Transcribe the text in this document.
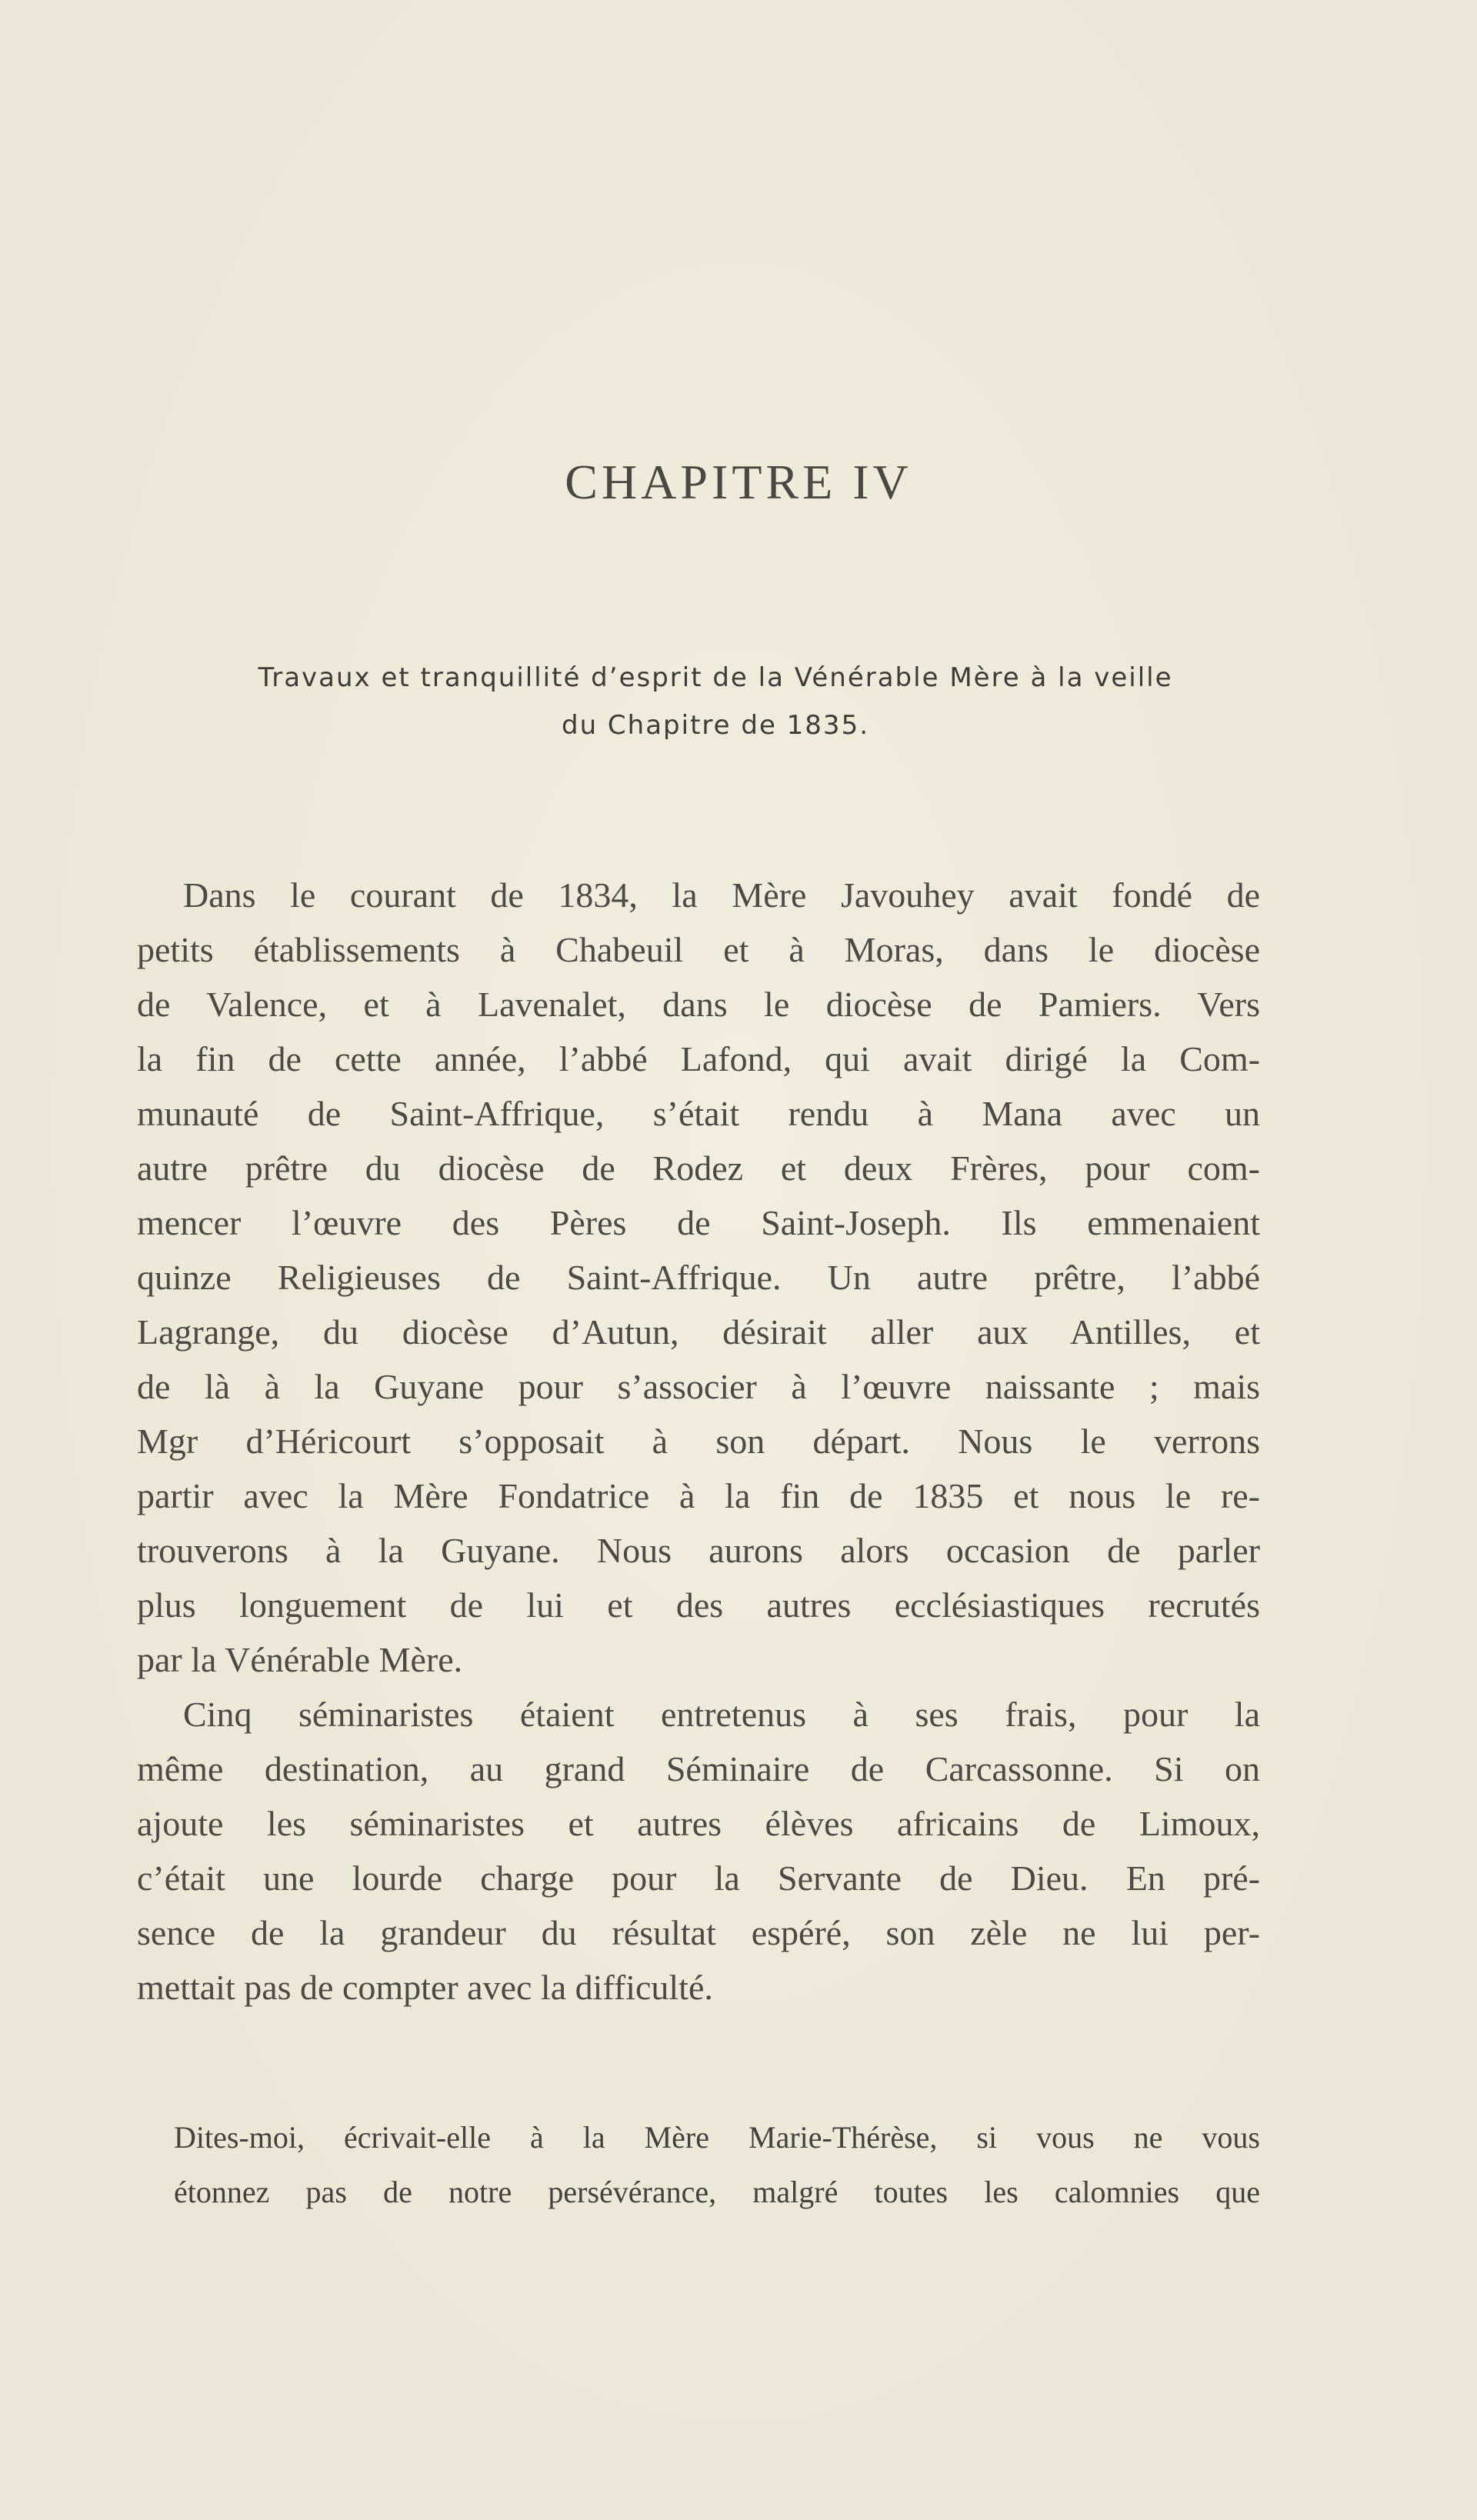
CHAPITRE IV
Travaux et tranquillité d’esprit de la Vénérable Mère à la veille
du Chapitre de 1835.
Dans le courant de 1834, la Mère Javouhey avait fondé de
petits établissements à Chabeuil et à Moras, dans le diocèse
de Valence, et à Lavenalet, dans le diocèse de Pamiers. Vers
la fin de cette année, l’abbé Lafond, qui avait dirigé la Com-
munauté de Saint-Affrique, s’était rendu à Mana avec un
autre prêtre du diocèse de Rodez et deux Frères, pour com-
mencer l’œuvre des Pères de Saint-Joseph. Ils emmenaient
quinze Religieuses de Saint-Affrique. Un autre prêtre, l’abbé
Lagrange, du diocèse d’Autun, désirait aller aux Antilles, et
de là à la Guyane pour s’associer à l’œuvre naissante ; mais
Mgr d’Héricourt s’opposait à son départ. Nous le verrons
partir avec la Mère Fondatrice à la fin de 1835 et nous le re-
trouverons à la Guyane. Nous aurons alors occasion de parler
plus longuement de lui et des autres ecclésiastiques recrutés
par la Vénérable Mère.
Cinq séminaristes étaient entretenus à ses frais, pour la
même destination, au grand Séminaire de Carcassonne. Si on
ajoute les séminaristes et autres élèves africains de Limoux,
c’était une lourde charge pour la Servante de Dieu. En pré-
sence de la grandeur du résultat espéré, son zèle ne lui per-
mettait pas de compter avec la difficulté.
Dites-moi, écrivait-elle à la Mère Marie-Thérèse, si vous ne vous
étonnez pas de notre persévérance, malgré toutes les calomnies que
